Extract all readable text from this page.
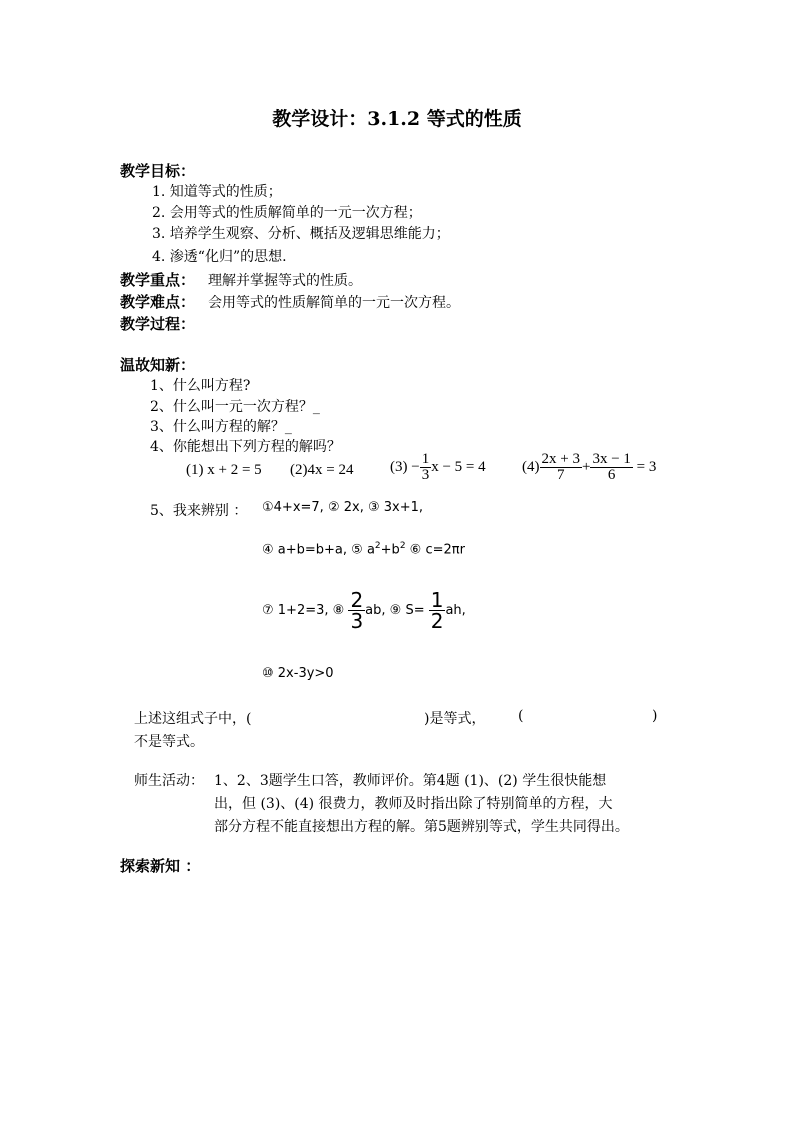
教学设计：3.1.2 等式的性质
教学目标：
1. 知道等式的性质；
2. 会用等式的性质解简单的一元一次方程；
3. 培养学生观察、分析、概括及逻辑思维能力；
4. 渗透“化归”的思想.
教学重点： 理解并掌握等式的性质。
教学难点： 会用等式的性质解简单的一元一次方程。
教学过程：
温故知新：
1、什么叫方程?
2、什么叫一元一次方程？_
3、什么叫方程的解？_
4、你能想出下列方程的解吗？
(1) x + 2 = 5 (2)4x = 24 $(3) - \frac{1}{3}$ x − 5 = 4 $(4) \frac{2x + 3}{7} + \frac{3x - 1}{6} = 3$
5、我来辨别 ： ①4+x=7, ② 2x, ③ 3x+1,
④ a+b=b+a, ⑤ $a^2+b^2$ ⑥ c=2πr
⑦ 1+2=3, ⑧ $\frac{2}{3}$ ab, ⑨ $S= \frac{1}{2}$ ah,
⑩ 2x-3y>0
上述这组式子中，(	)是等式， (	)
不是等式。
师生活动： 1、2、3题学生口答，教师评价。第4题 (1)、(2) 学生很快能想
出，但 (3)、(4) 很费力，教师及时指出除了特别简单的方程，大
部分方程不能直接想出方程的解。第5题辨别等式，学生共同得出。
探索新知 ：
